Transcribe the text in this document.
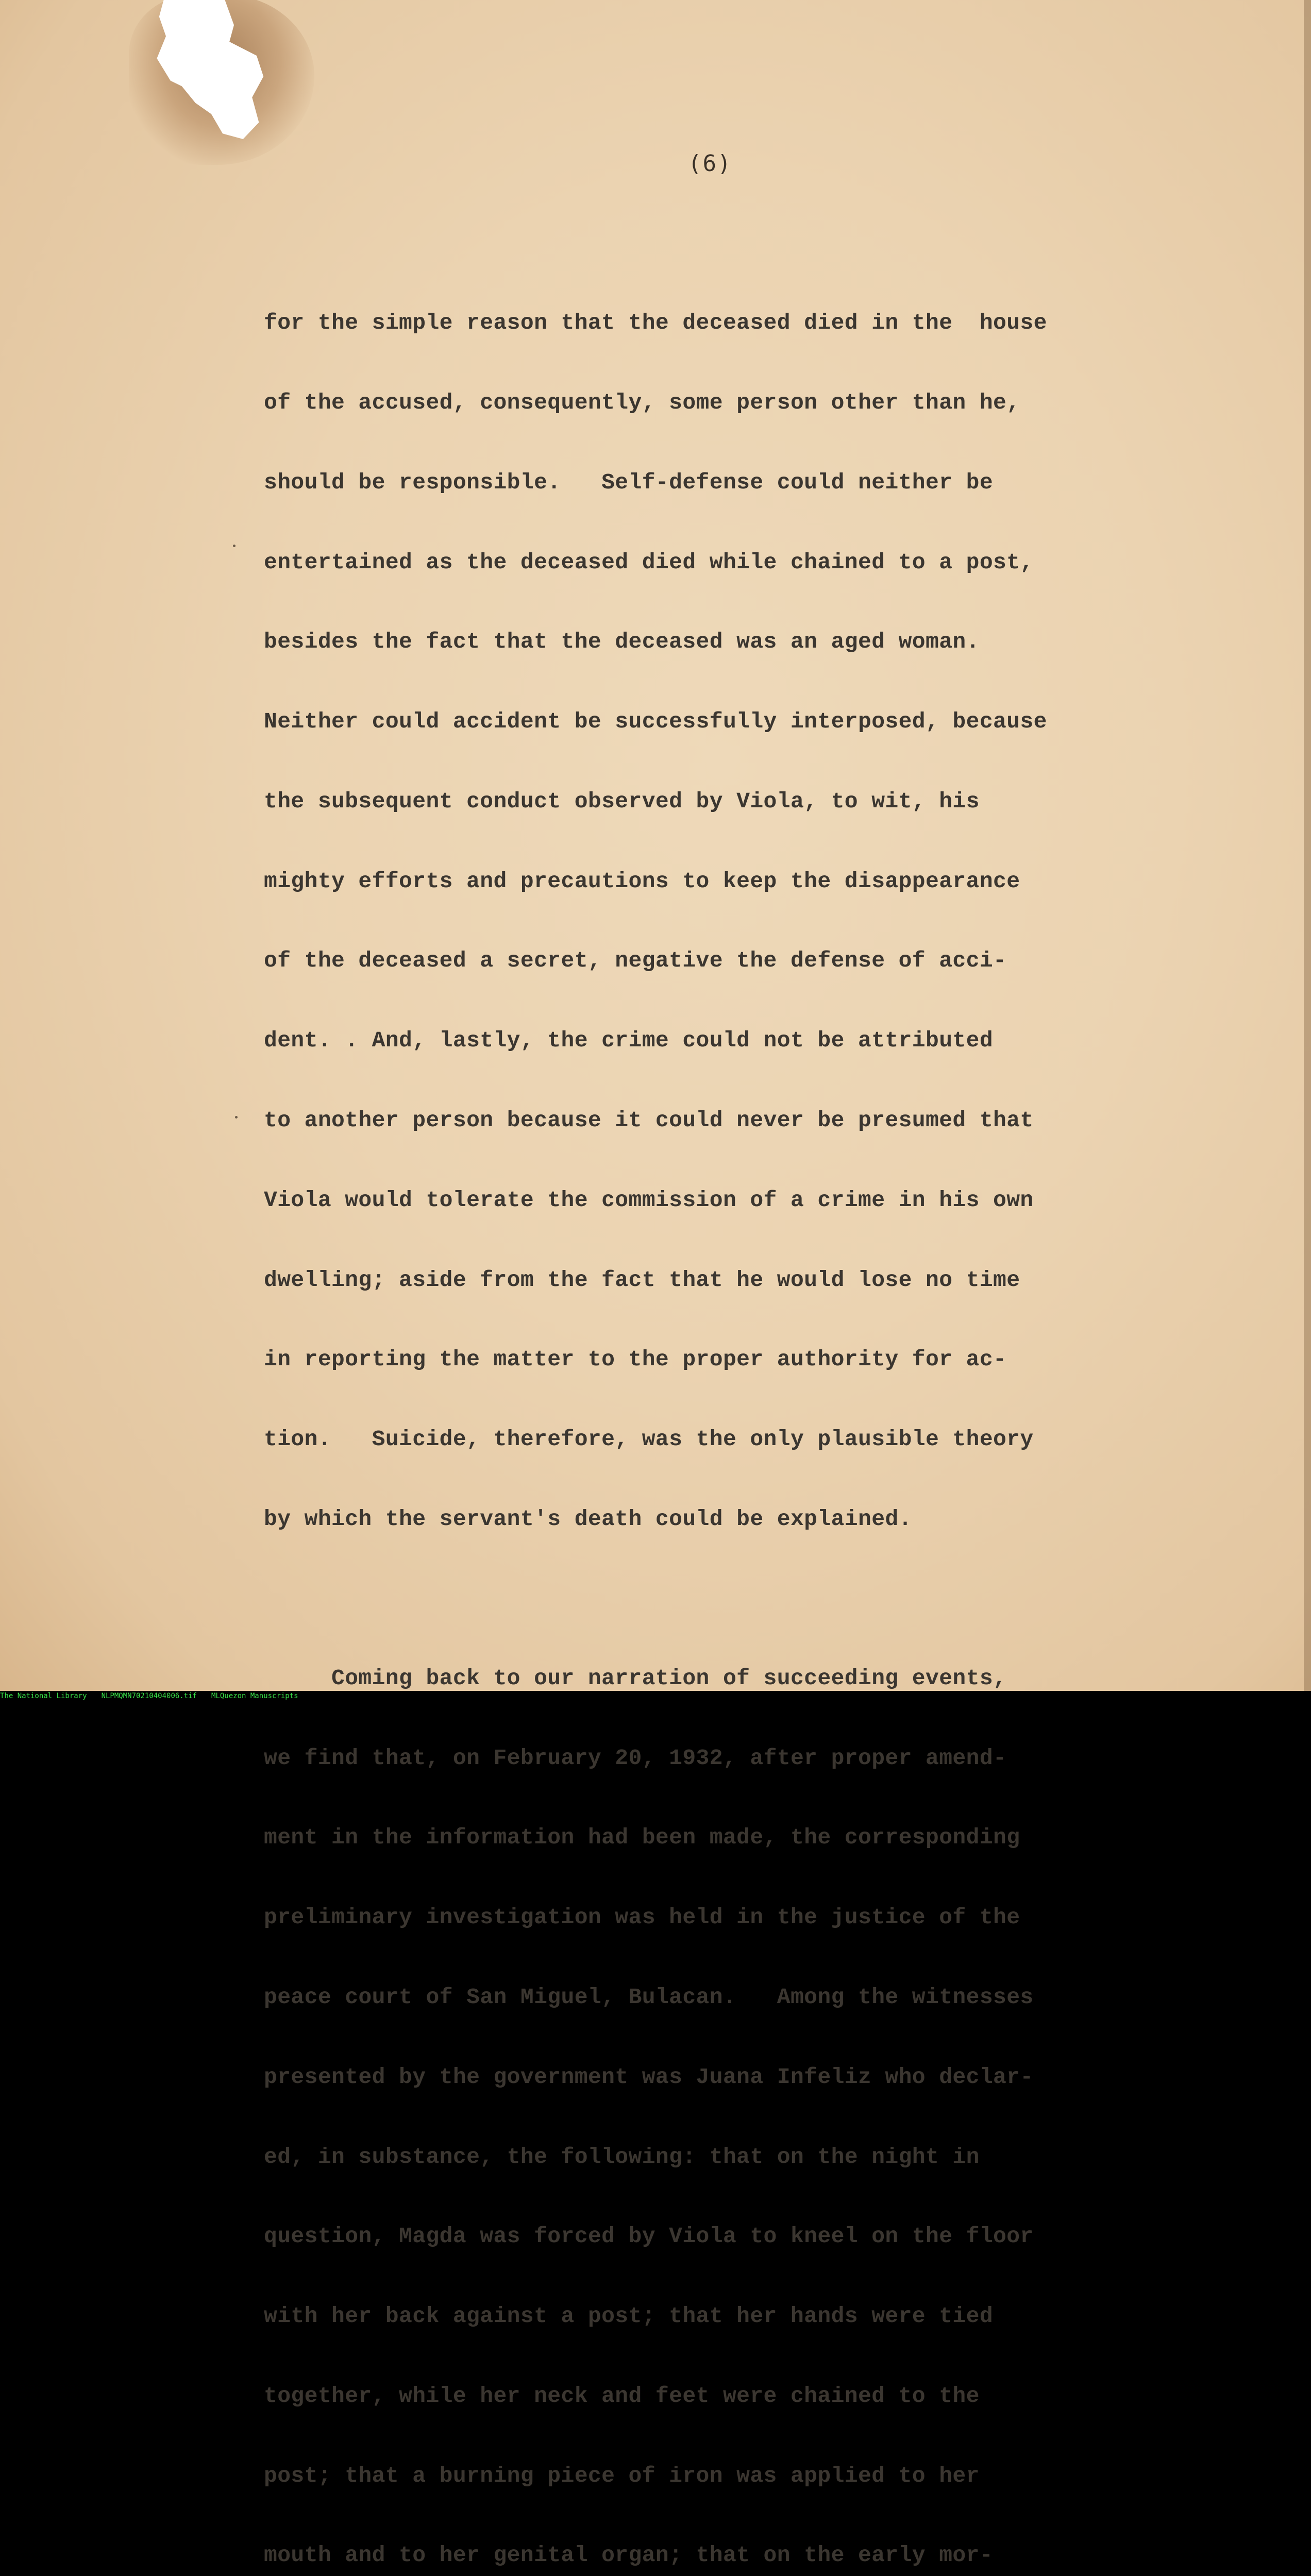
(6)

for the simple reason that the deceased died in the  house

of the accused, consequently, some person other than he,

should be responsible.   Self-defense could neither be

entertained as the deceased died while chained to a post,

besides the fact that the deceased was an aged woman.

Neither could accident be successfully interposed, because

the subsequent conduct observed by Viola, to wit, his

mighty efforts and precautions to keep the disappearance

of the deceased a secret, negative the defense of acci-

dent. . And, lastly, the crime could not be attributed

to another person because it could never be presumed that

Viola would tolerate the commission of a crime in his own

dwelling; aside from the fact that he would lose no time

in reporting the matter to the proper authority for ac-

tion.   Suicide, therefore, was the only plausible theory

by which the servant's death could be explained.

Coming back to our narration of succeeding events,

we find that, on February 20, 1932, after proper amend-

ment in the information had been made, the corresponding

preliminary investigation was held in the justice of the

peace court of San Miguel, Bulacan.   Among the witnesses

presented by the government was Juana Infeliz who declar-

ed, in substance, the following: that on the night in

question, Magda was forced by Viola to kneel on the floor

with her back against a post; that her hands were tied

together, while her neck and feet were chained to the

post; that a burning piece of iron was applied to her

mouth and to her genital organ; that on the early mor-

The National Library NLPMQMN70210404006.tif MLQuezon Manuscripts
